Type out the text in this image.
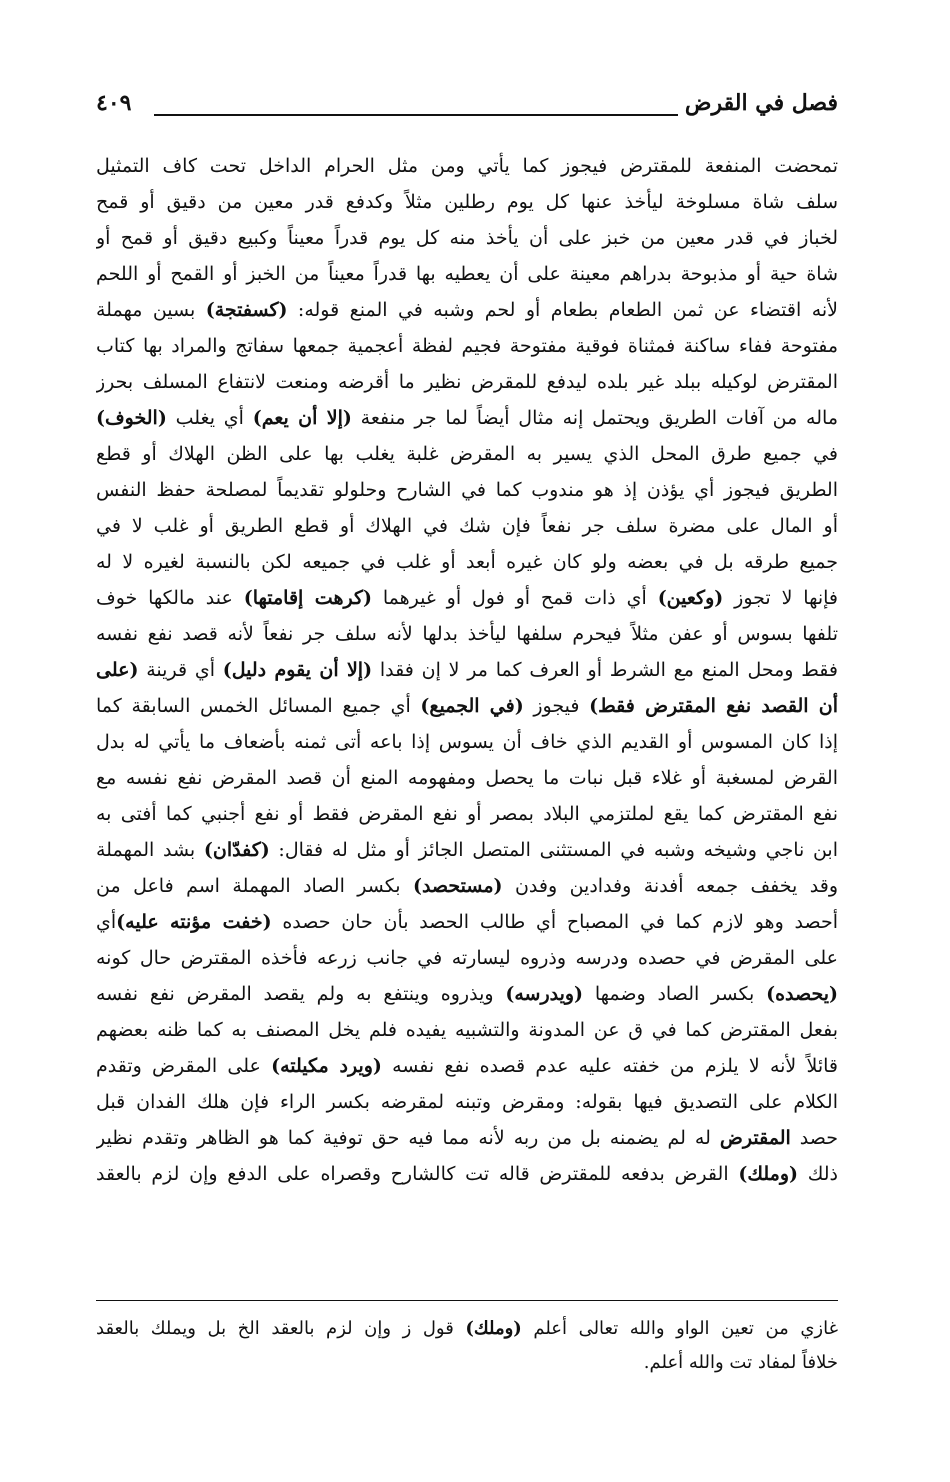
فصل في القرض
٤٠٩
تمحضت المنفعة للمقترض فيجوز كما يأتي ومن مثل الحرام الداخل تحت كاف التمثيل
سلف شاة مسلوخة ليأخذ عنها كل يوم رطلين مثلاً وكدفع قدر معين من دقيق أو قمح
لخباز في قدر معين من خبز على أن يأخذ منه كل يوم قدراً معيناً وكبيع دقيق أو قمح أو
شاة حية أو مذبوحة بدراهم معينة على أن يعطيه بها قدراً معيناً من الخبز أو القمح أو اللحم
لأنه اقتضاء عن ثمن الطعام بطعام أو لحم وشبه في المنع قوله: (كسفتجة) بسين مهملة
مفتوحة ففاء ساكنة فمثناة فوقية مفتوحة فجيم لفظة أعجمية جمعها سفاتج والمراد بها كتاب
المقترض لوكيله ببلد غير بلده ليدفع للمقرض نظير ما أقرضه ومنعت لانتفاع المسلف بحرز
ماله من آفات الطريق ويحتمل إنه مثال أيضاً لما جر منفعة (إلا أن يعم) أي يغلب (الخوف)
في جميع طرق المحل الذي يسير به المقرض غلبة يغلب بها على الظن الهلاك أو قطع
الطريق فيجوز أي يؤذن إذ هو مندوب كما في الشارح وحلولو تقديماً لمصلحة حفظ النفس
أو المال على مضرة سلف جر نفعاً فإن شك في الهلاك أو قطع الطريق أو غلب لا في
جميع طرقه بل في بعضه ولو كان غيره أبعد أو غلب في جميعه لكن بالنسبة لغيره لا له
فإنها لا تجوز (وكعين) أي ذات قمح أو فول أو غيرهما (كرهت إقامتها) عند مالكها خوف
تلفها بسوس أو عفن مثلاً فيحرم سلفها ليأخذ بدلها لأنه سلف جر نفعاً لأنه قصد نفع نفسه
فقط ومحل المنع مع الشرط أو العرف كما مر لا إن فقدا (إلا أن يقوم دليل) أي قرينة (على
أن القصد نفع المقترض فقط) فيجوز (في الجميع) أي جميع المسائل الخمس السابقة كما
إذا كان المسوس أو القديم الذي خاف أن يسوس إذا باعه أتى ثمنه بأضعاف ما يأتي له بدل
القرض لمسغبة أو غلاء قبل نبات ما يحصل ومفهومه المنع أن قصد المقرض نفع نفسه مع
نفع المقترض كما يقع لملتزمي البلاد بمصر أو نفع المقرض فقط أو نفع أجنبي كما أفتى به
ابن ناجي وشيخه وشبه في المستثنى المتصل الجائز أو مثل له فقال: (كفدّان) بشد المهملة
وقد يخفف جمعه أفدنة وفدادين وفدن (مستحصد) بكسر الصاد المهملة اسم فاعل من
أحصد وهو لازم كما في المصباح أي طالب الحصد بأن حان حصده (خفت مؤنته عليه)أي
على المقرض في حصده ودرسه وذروه ليسارته في جانب زرعه فأخذه المقترض حال كونه
(يحصده) بكسر الصاد وضمها (ويدرسه) ويذروه وينتفع به ولم يقصد المقرض نفع نفسه
بفعل المقترض كما في ق عن المدونة والتشبيه يفيده فلم يخل المصنف به كما ظنه بعضهم
قائلاً لأنه لا يلزم من خفته عليه عدم قصده نفع نفسه (ويرد مكيلته) على المقرض وتقدم
الكلام على التصديق فيها بقوله: ومقرض وتبنه لمقرضه بكسر الراء فإن هلك الفدان قبل
حصد المقترض له لم يضمنه بل من ربه لأنه مما فيه حق توفية كما هو الظاهر وتقدم نظير
ذلك (وملك) القرض بدفعه للمقترض قاله تت كالشارح وقصراه على الدفع وإن لزم بالعقد
غازي من تعين الواو والله تعالى أعلم (وملك) قول ز وإن لزم بالعقد الخ بل ويملك بالعقد
خلافاً لمفاد تت والله أعلم.
